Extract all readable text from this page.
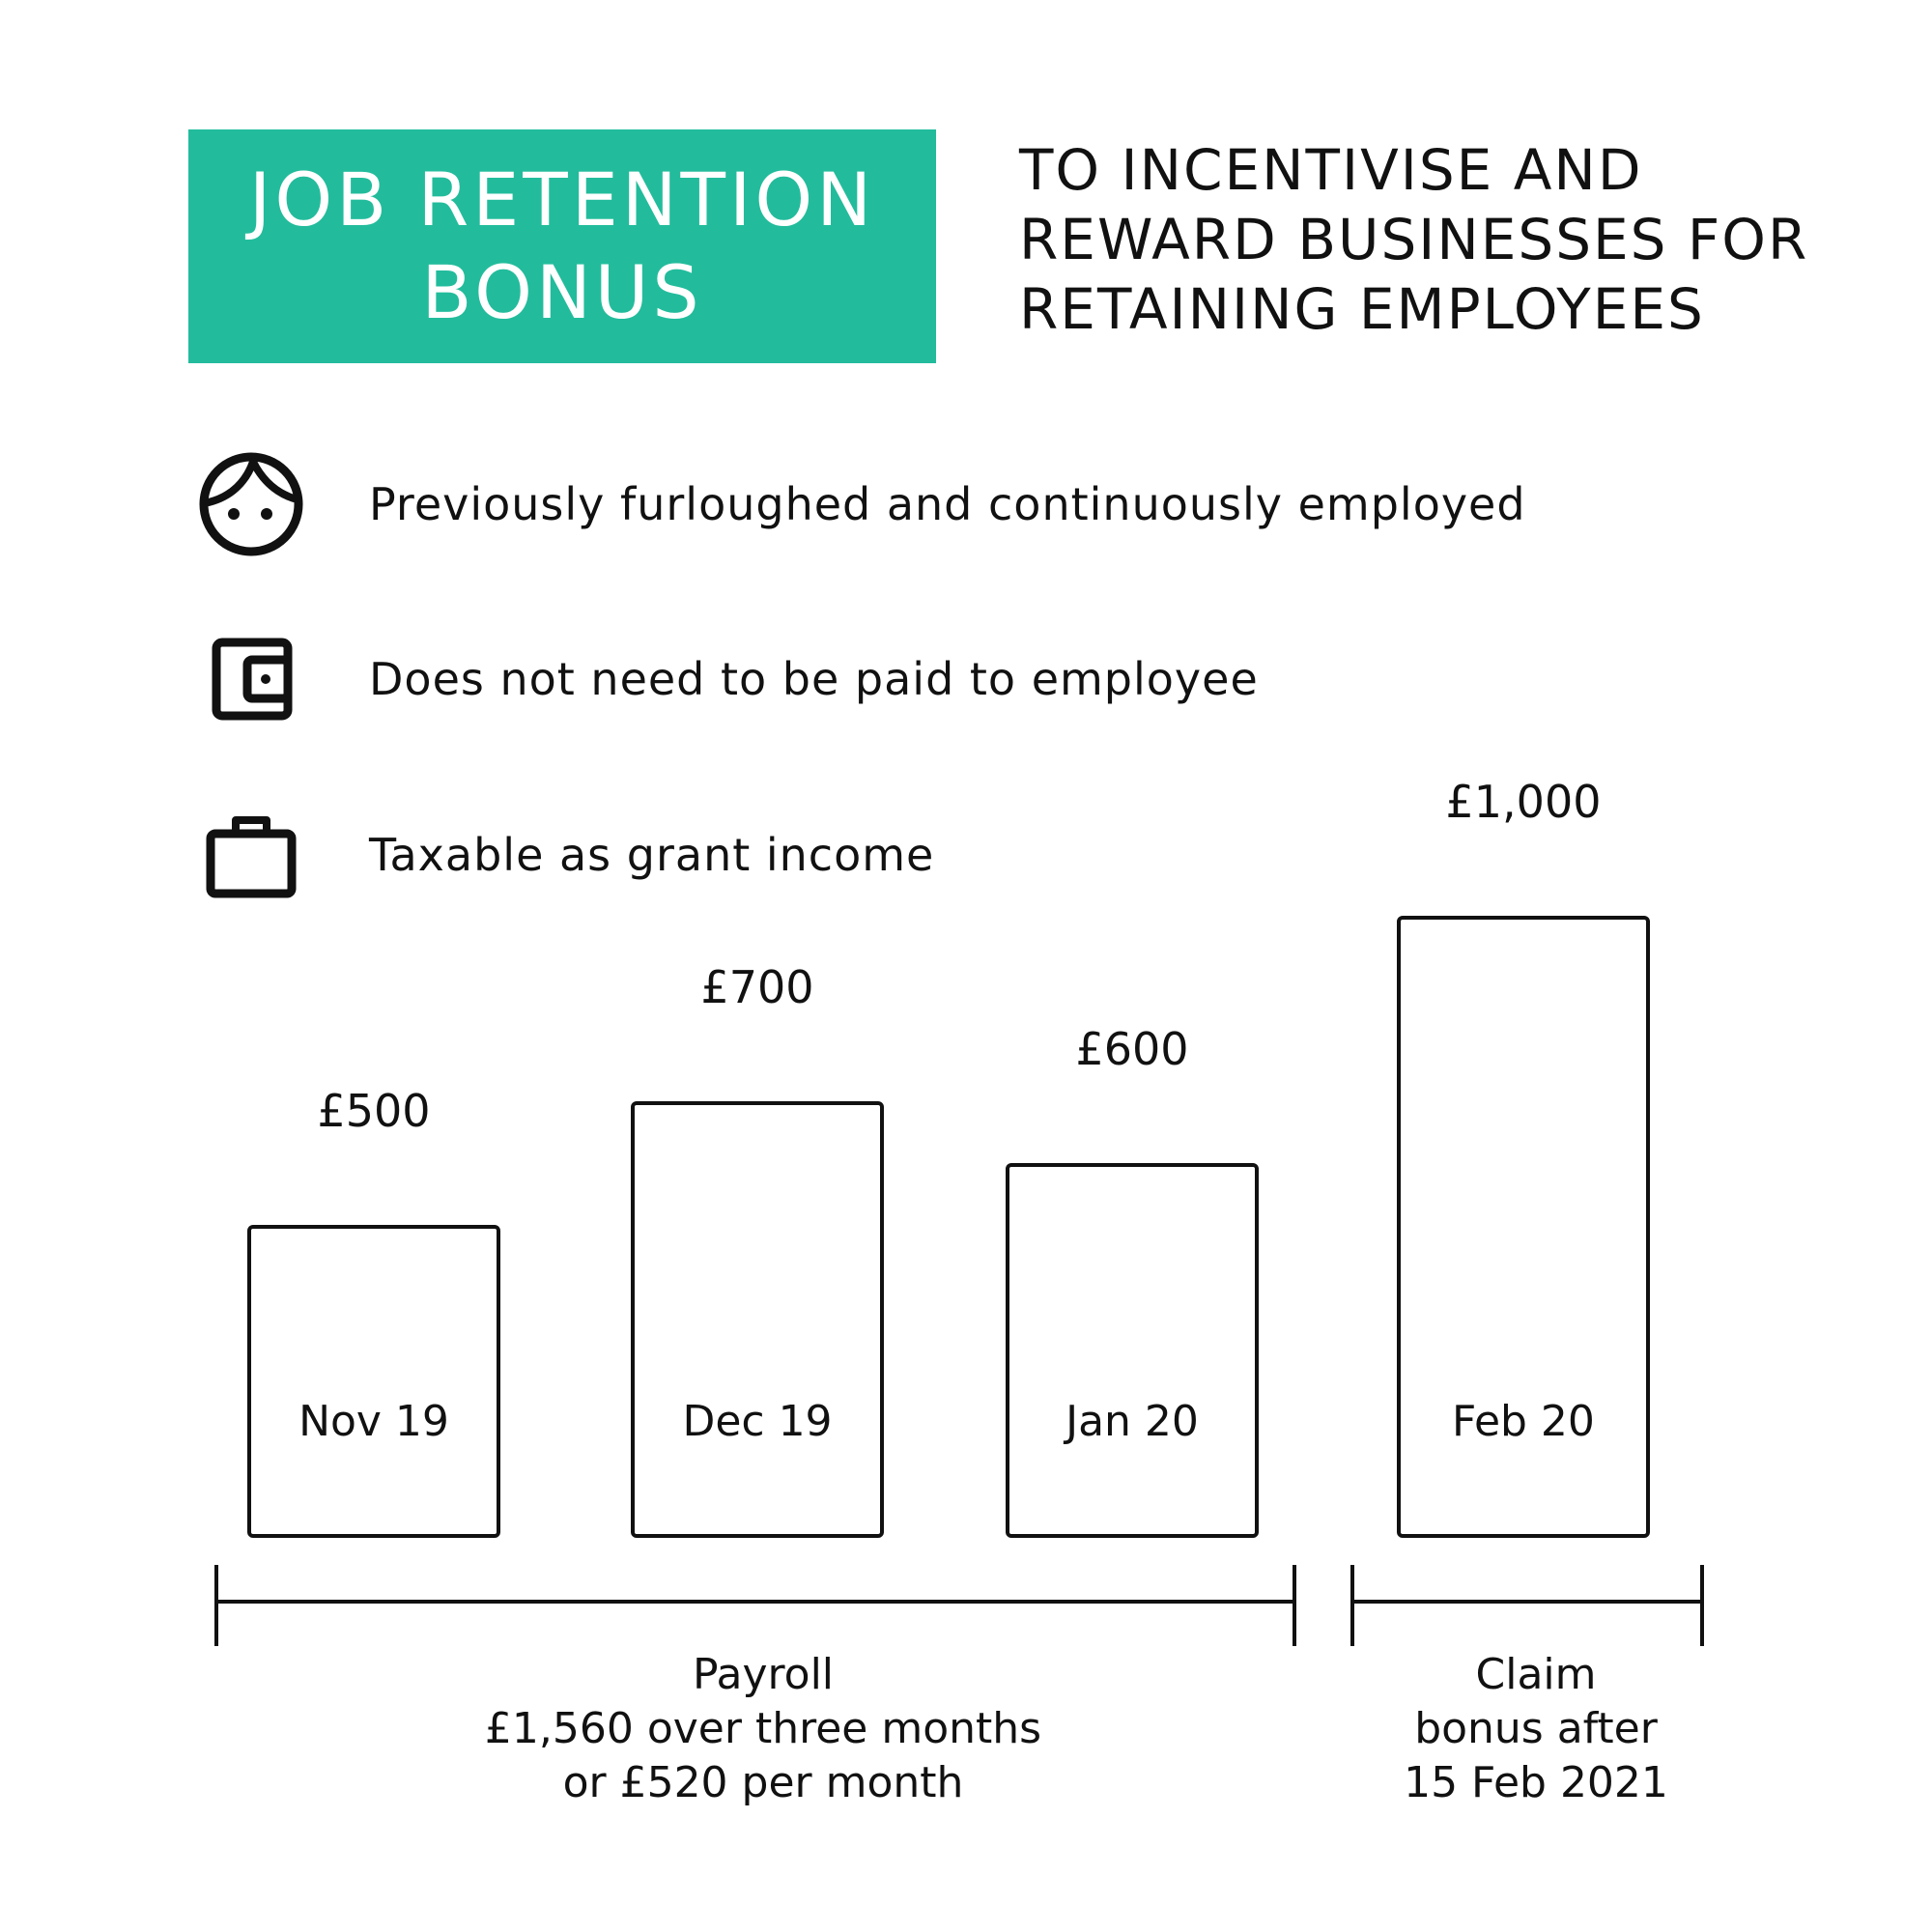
JOB RETENTION
BONUS
TO INCENTIVISE AND
REWARD BUSINESSES FOR
RETAINING EMPLOYEES
Previously furloughed and continuously employed
Does not need to be paid to employee
Taxable as grant income
£500
Nov 19
£700
Dec 19
£600
Jan 20
£1,000
Feb 20
Payroll
£1,560 over three months
or £520 per month
Claim
bonus after
15 Feb 2021
